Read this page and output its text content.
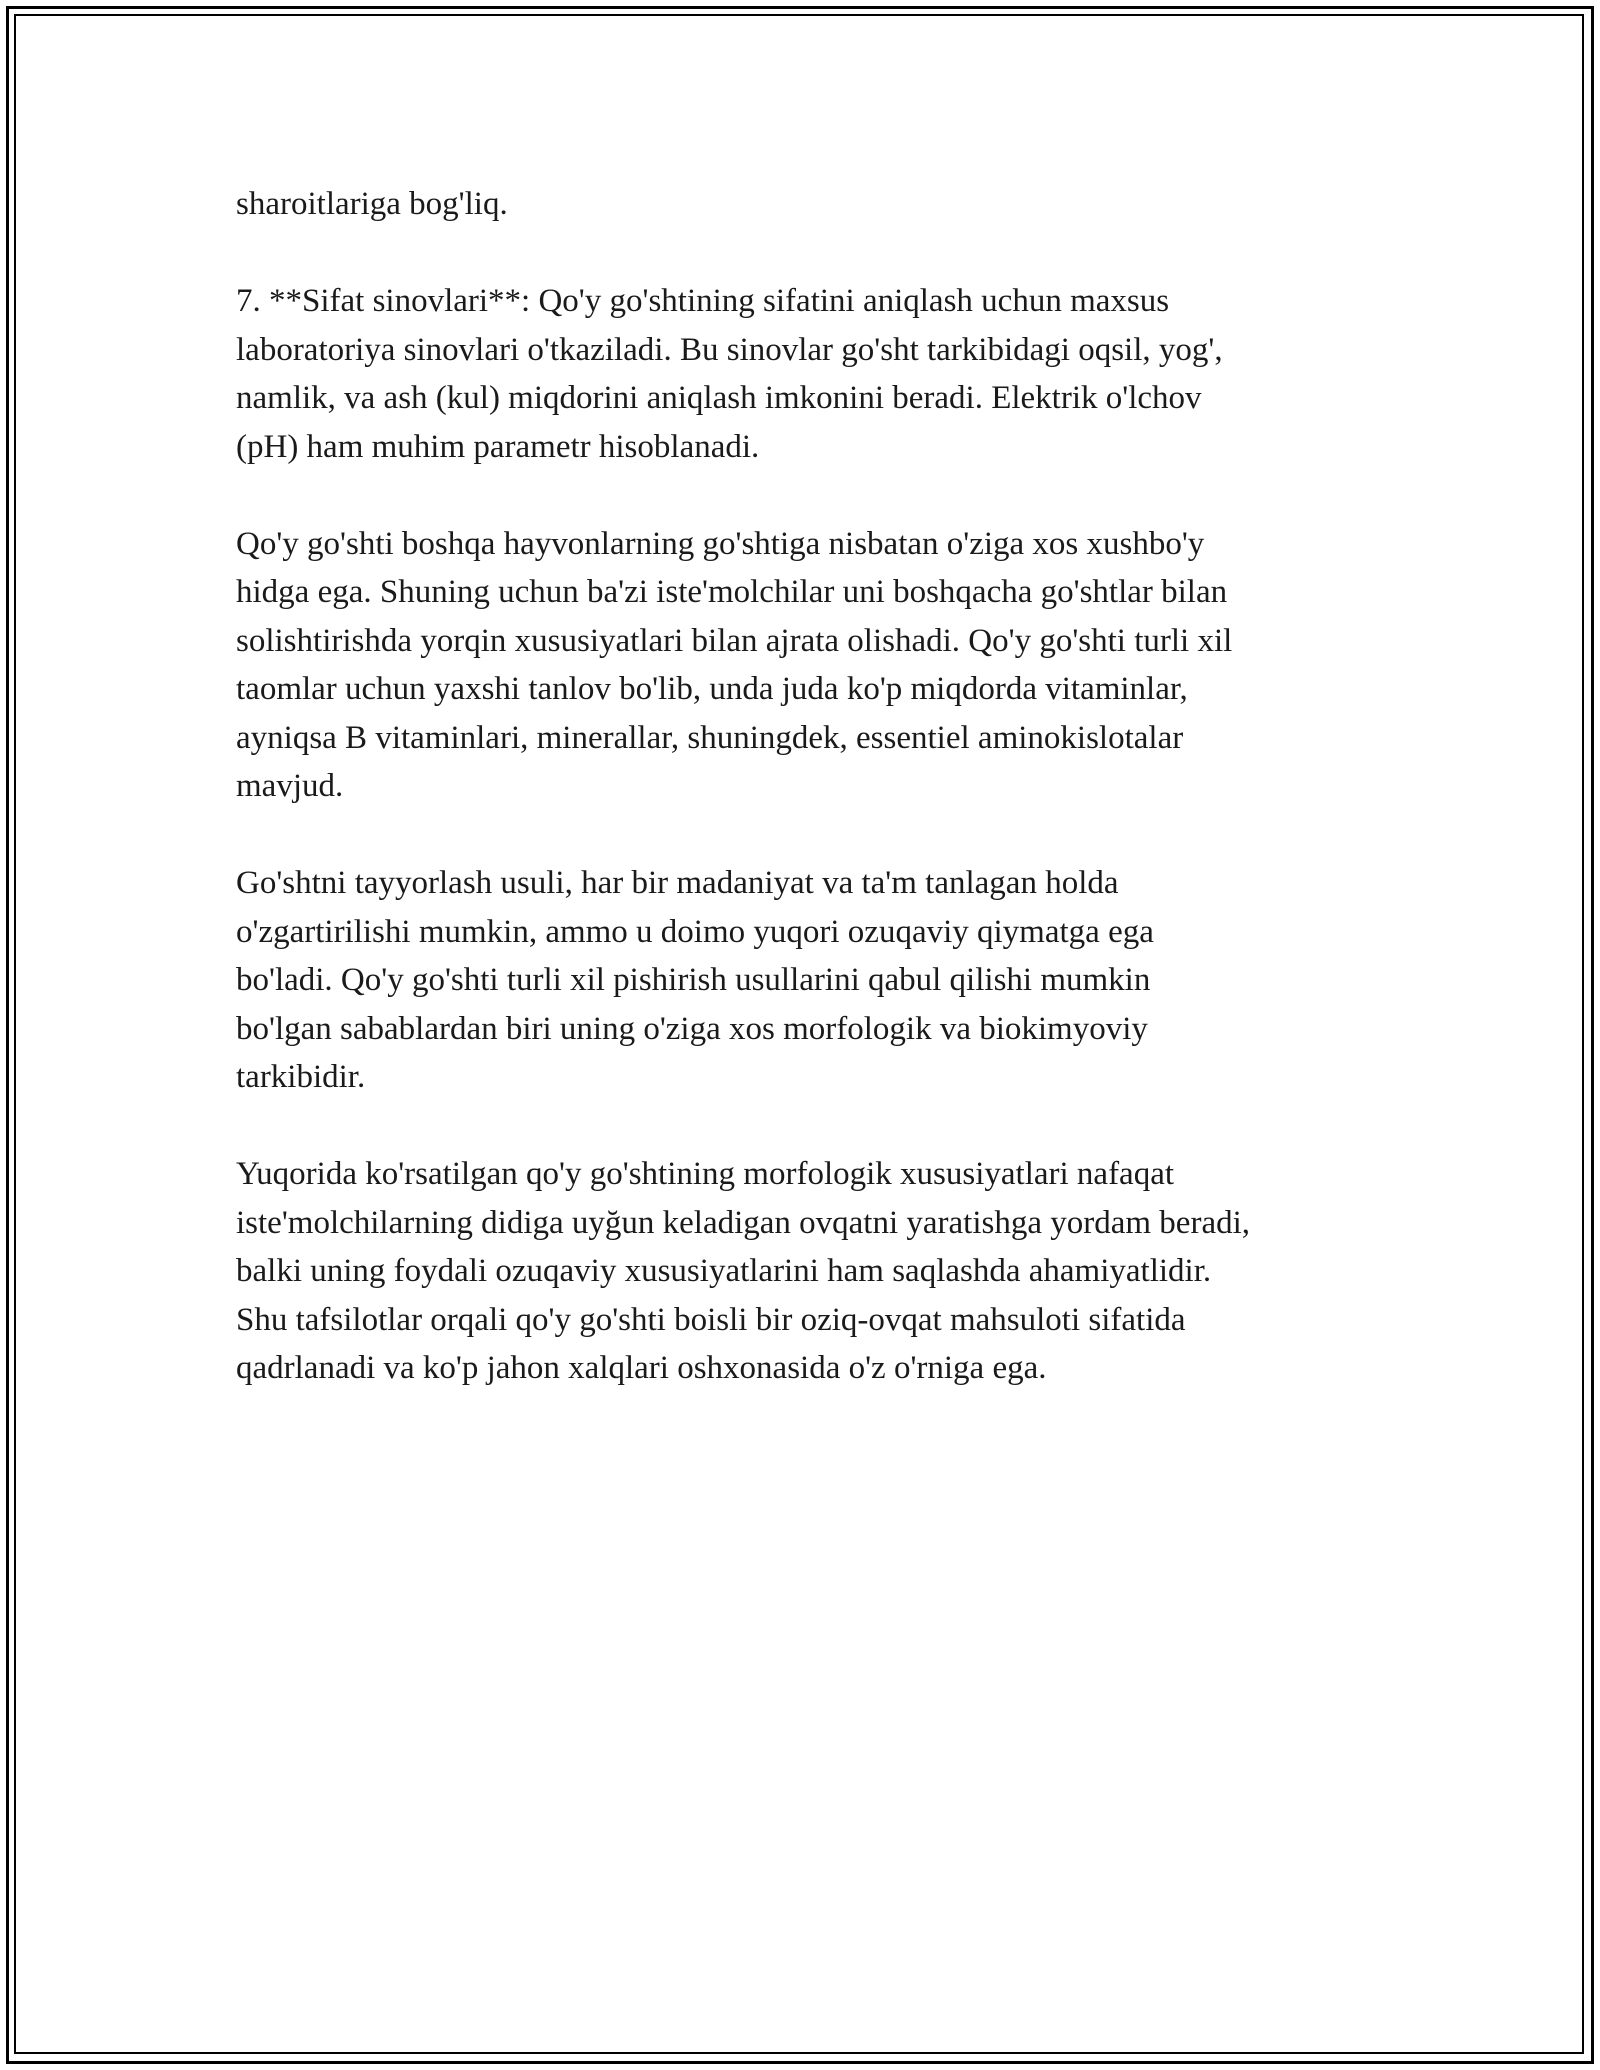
sharoitlariga bog'liq.

7. **Sifat sinovlari**: Qo'y go'shtining sifatini aniqlash uchun maxsus
laboratoriya sinovlari o'tkaziladi. Bu sinovlar go'sht tarkibidagi oqsil, yog',
namlik, va ash (kul) miqdorini aniqlash imkonini beradi. Elektrik o'lchov
(pH) ham muhim parametr hisoblanadi.

Qo'y go'shti boshqa hayvonlarning go'shtiga nisbatan o'ziga xos xushbo'y
hidga ega. Shuning uchun ba'zi iste'molchilar uni boshqacha go'shtlar bilan
solishtirishda yorqin xususiyatlari bilan ajrata olishadi. Qo'y go'shti turli xil
taomlar uchun yaxshi tanlov bo'lib, unda juda ko'p miqdorda vitaminlar,
ayniqsa B vitaminlari, minerallar, shuningdek, essentiel aminokislotalar
mavjud.

Go'shtni tayyorlash usuli, har bir madaniyat va ta'm tanlagan holda
o'zgartirilishi mumkin, ammo u doimo yuqori ozuqaviy qiymatga ega
bo'ladi. Qo'y go'shti turli xil pishirish usullarini qabul qilishi mumkin
bo'lgan sabablardan biri uning o'ziga xos morfologik va biokimyoviy
tarkibidir.

Yuqorida ko'rsatilgan qo'y go'shtining morfologik xususiyatlari nafaqat
iste'molchilarning didiga uyğun keladigan ovqatni yaratishga yordam beradi,
balki uning foydali ozuqaviy xususiyatlarini ham saqlashda ahamiyatlidir.
Shu tafsilotlar orqali qo'y go'shti boisli bir oziq-ovqat mahsuloti sifatida
qadrlanadi va ko'p jahon xalqlari oshxonasida o'z o'rniga ega.
